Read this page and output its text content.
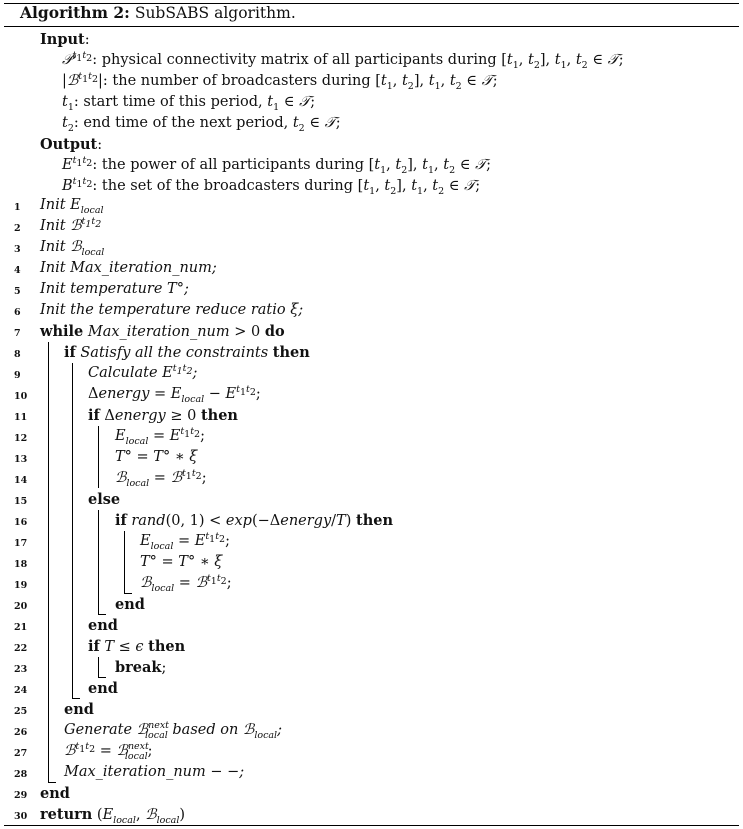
Algorithm 2: SubSABS algorithm.
Input:
𝒫$^{t_1t_2}$: physical connectivity matrix of all participants during [$t_1$, $t_2$], $t_1$, $t_2$ ∈ 𝒯;
|ℬ$^{t_1t_2}$|: the number of broadcasters during [$t_1$, $t_2$], $t_1$, $t_2$ ∈ 𝒯;
$t_1$: start time of this period, $t_1$ ∈ 𝒯;
$t_2$: end time of the next period, $t_2$ ∈ 𝒯;
Output:
$E^{t_1t_2}$: the power of all participants during [$t_1$, $t_2$], $t_1$, $t_2$ ∈ 𝒯;
$B^{t_1t_2}$: the set of the broadcasters during [$t_1$, $t_2$], $t_1$, $t_2$ ∈ 𝒯;
1
2
3
4
5
6
7
8
9
10
11
12
13
14
15
16
17
18
19
20
21
22
23
24
25
26
27
28
29
30
Init $E_{local}$
Init ℬ$^{t_1t_2}$
Init ℬ$_{local}$
Init Max_iteration_num;
Init temperature T°;
Init the temperature reduce ratio ξ;
while Max_iteration_num > 0 do
if Satisfy all the constraints then
Calculate $E^{t_1t_2}$;
Δenergy = $E_{local} - E^{t_1t_2}$;
if Δenergy ≥ 0 then
$E_{local} = E^{t_1t_2}$;
T° = T° ∗ ξ
ℬ$_{local}$ = ℬ$^{t_1t_2}$;
else
if rand(0, 1) < exp(−Δenergy/T) then
$E_{local} = E^{t_1t_2}$;
T° = T° ∗ ξ
ℬ$_{local}$ = ℬ$^{t_1t_2}$;
end
end
if T ≤ ϵ then
break;
end
end
Generate ℬ$^{next}_{local}$ based on ℬ$_{local}$;
ℬ$^{t_1t_2}$ = ℬ$^{next}_{local}$;
Max_iteration_num − −;
end
return ($E_{local}$, ℬ$_{local}$)
